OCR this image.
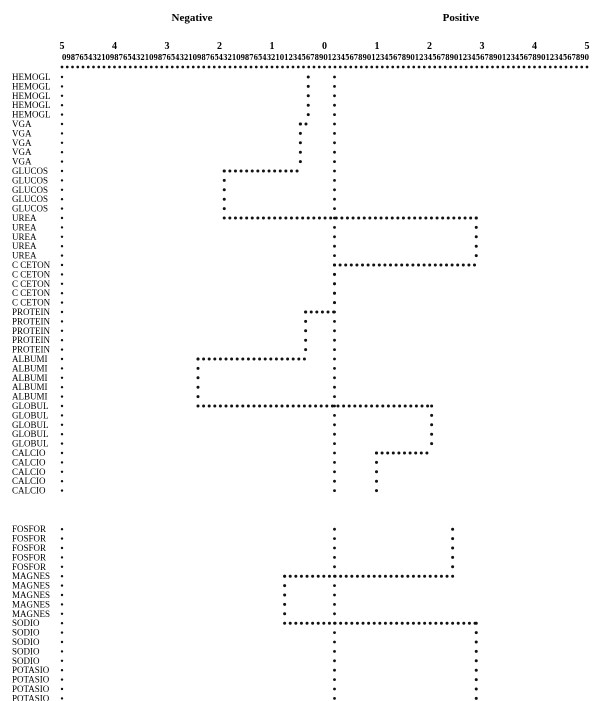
Negative	Positive
5	4	3	2	1	0	1	2	3	4	5
0987654321098765432109876543210987654321098765432101234567890123456789012345678901234567890123456789012345678901234567890
HEMOGL
HEMOGL
HEMOGL
HEMOGL
HEMOGL
VGA
VGA
VGA
VGA
VGA
GLUCOS
GLUCOS
GLUCOS
GLUCOS
GLUCOS
UREA
UREA
UREA
UREA
UREA
C CETON
C CETON
C CETON
C CETON
C CETON
PROTEIN
PROTEIN
PROTEIN
PROTEIN
PROTEIN
ALBUMI
ALBUMI
ALBUMI
ALBUMI
ALBUMI
GLOBUL
GLOBUL
GLOBUL
GLOBUL
GLOBUL
CALCIO
CALCIO
CALCIO
CALCIO
CALCIO
FOSFOR
FOSFOR
FOSFOR
FOSFOR
FOSFOR
MAGNES
MAGNES
MAGNES
MAGNES
MAGNES
SODIO
SODIO
SODIO
SODIO
SODIO
POTASIO
POTASIO
POTASIO
POTASIO
